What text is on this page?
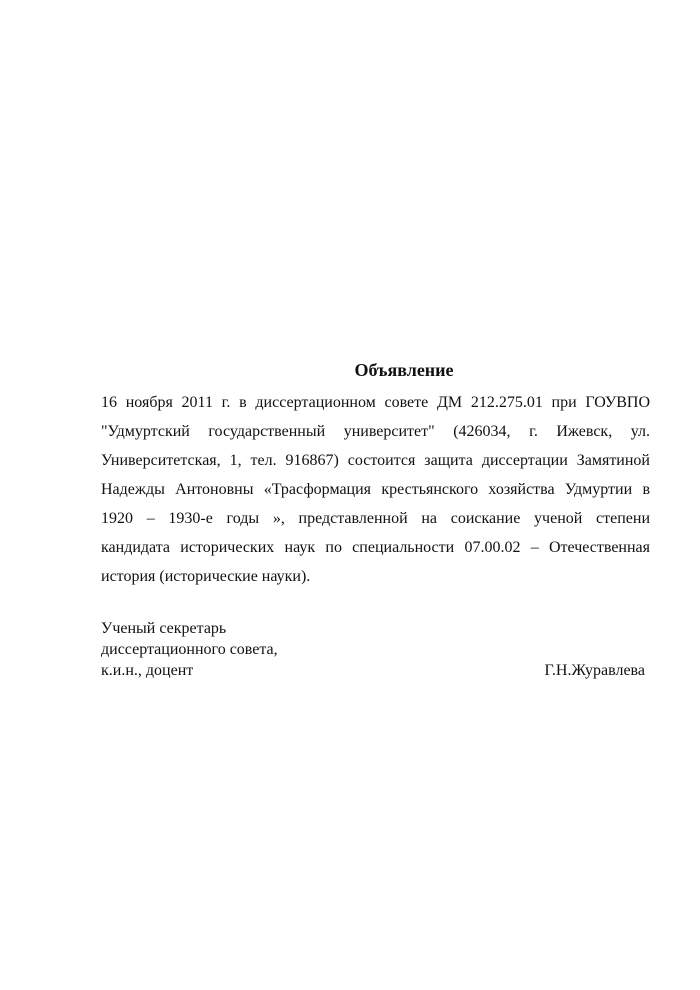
Объявление
16 ноября 2011 г. в диссертационном совете ДМ 212.275.01 при ГОУВПО
"Удмуртский государственный университет" (426034, г. Ижевск, ул.
Университетская, 1, тел. 916867) состоится защита диссертации Замятиной
Надежды Антоновны «Трасформация крестьянского хозяйства Удмуртии в
1920 – 1930-е годы », представленной на соискание ученой степени
кандидата исторических наук по специальности 07.00.02 – Отечественная
история (исторические науки).
Ученый секретарь
диссертационного совета,
к.и.н., доцент	Г.Н.Журавлева
